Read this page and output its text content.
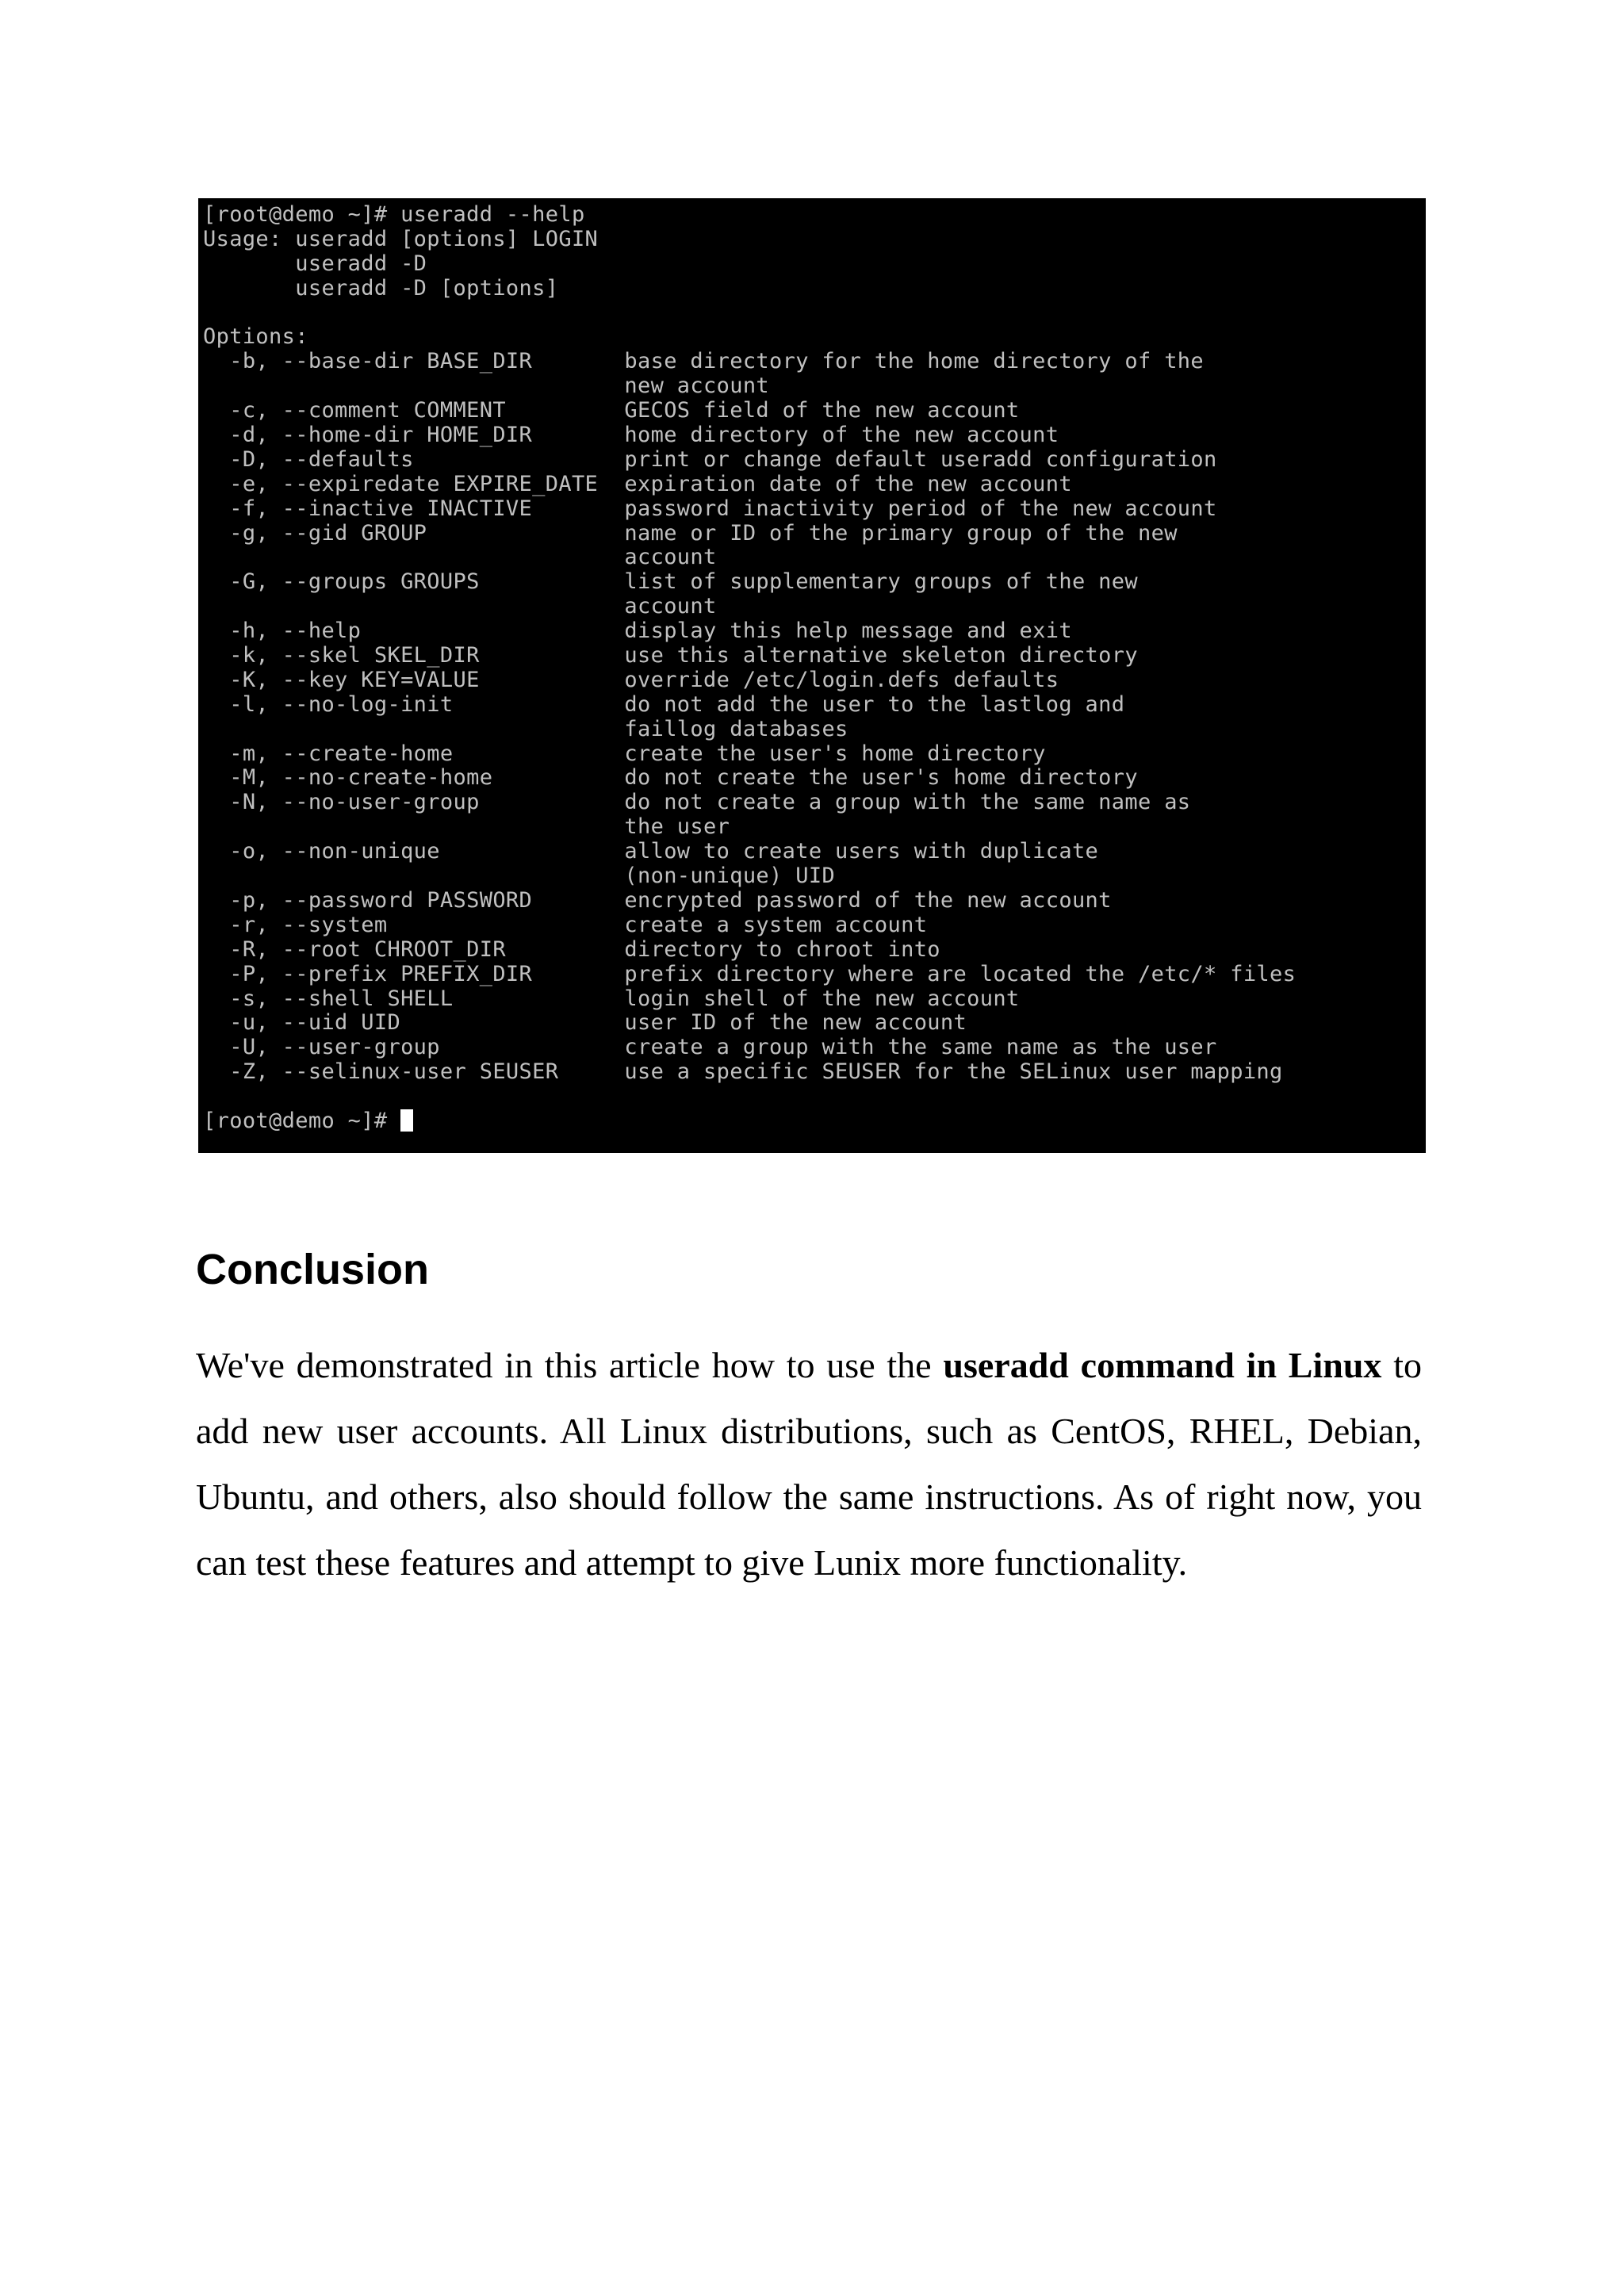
[root@demo ~]# useradd --help
Usage: useradd [options] LOGIN
useradd -D
useradd -D [options]
Options:
-b, --base-dir BASE_DIR       base directory for the home directory of the
new account
-c, --comment COMMENT         GECOS field of the new account
-d, --home-dir HOME_DIR       home directory of the new account
-D, --defaults                print or change default useradd configuration
-e, --expiredate EXPIRE_DATE  expiration date of the new account
-f, --inactive INACTIVE       password inactivity period of the new account
-g, --gid GROUP               name or ID of the primary group of the new
account
-G, --groups GROUPS           list of supplementary groups of the new
account
-h, --help                    display this help message and exit
-k, --skel SKEL_DIR           use this alternative skeleton directory
-K, --key KEY=VALUE           override /etc/login.defs defaults
-l, --no-log-init             do not add the user to the lastlog and
faillog databases
-m, --create-home             create the user's home directory
-M, --no-create-home          do not create the user's home directory
-N, --no-user-group           do not create a group with the same name as
the user
-o, --non-unique              allow to create users with duplicate
(non-unique) UID
-p, --password PASSWORD       encrypted password of the new account
-r, --system                  create a system account
-R, --root CHROOT_DIR         directory to chroot into
-P, --prefix PREFIX_DIR       prefix directory where are located the /etc/* files
-s, --shell SHELL             login shell of the new account
-u, --uid UID                 user ID of the new account
-U, --user-group              create a group with the same name as the user
-Z, --selinux-user SEUSER     use a specific SEUSER for the SELinux user mapping
[root@demo ~]#
Conclusion

We've demonstrated in this article how to use the useradd command in Linux to add new user accounts. All Linux distributions, such as CentOS, RHEL, Debian, Ubuntu, and others, also should follow the same instructions. As of right now, you can test these features and attempt to give Lunix more functionality.
